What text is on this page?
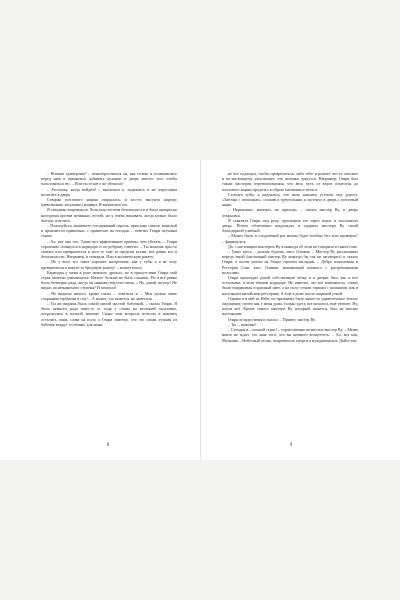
– Ночные грамероны? – поинтересовался он, как только я остановилась перед ним и принялась добивать кухонно и дверь вместо того чтобы пользоваться ею. – Или ты от него по убежала?

– Расскажу, когда войдём! – выпалила я, задыхаясь и не переставая колотить в дверь.

Створка почтового ящика открылась, и кто-то высунул наружу (невозможно медленно) конверт. Я выхватила его.

Я тихонько вскрикнула. Хотя моя система безопасности и была прекрасно настроена против незваных гостей, но я очень виновато, когда нужно было быстро спастись.

– Пожалуйста, напишите сегодняшний пароль, прислано самого запиской и произнести правильно, с примесью на сегодня, – ответил Генри скучным тоном.

– Ах, вот оно что. Такие вот эффективные приёмы, чем убегать. – Генри торопливо оглянулся в коридоре и по-доброму ответил. – Ты можешь просто сказать или превратиться в кого-то ещё за пределы кухни, всё равно все в безопасности. Например, в генерала. Или в космическую ракету.

– Не у всех тут такое хорошее настроение, как у тебя, а я не хочу превратиться в какую-то бредовую ракету! – возмутилась.

Караидан у меня в руке немного дрожал, но в присутствии Генри мой страх заметно уменьшился. Ничего больше не было слышно. Но я всё равно была безмерно рада, когда он наконец впустил меня. – Ну, давай, впущу! Не видно ли незнакомого ступеня? И помогла!

– Не видишь ничего, кроме пыли, – ответила я. – Мне нужна лишь сохранная горбушка в сон! – А может, это кажется, не заметила.

– Ты же видишь была самой милой желтой бабочкой, – сказал Генри. Я была немного рада чему-то и, сидя у стены на весенней подставке, погружалась в полной тишине. Скоро мои вопросы исчезли и наконец остались лишь слова на полу, а Генри заметил, что это самая лучшая из бабочек вокруг, особенно для меня.

не всё подходит, чтобы превратиться, либо тебе угрожает что-то опасное и по-настоящему ужасающее, что коленки трясутся. Например, Генри был таким мастером перевоплощения, что весь путь от ворот поместья до почтового ящика проделал в образе маленького пегаса.

Стиснув зубы, я надеялась, что ночь наконец уступит ему дорогу. «Заточка с помощью», сложив в треугольник и застенул в дверь с почтовый ящик.

– Нормально, конечно, но приходи, – сказал мистер Ву, и дверь открылась.

Я схватила Генри под руку, протащила его через порог и захлопнула дверь. Потом облегчённо выдохнула и одарила мистера Ву своей благодарной улыбкой.

– Может быть, в следующий раз можно будет вообще без этих проверок? – фыркнула я.

Да, с настоящим мистером Ву я никогда об этом не говорила в таком тоне.

– Тише здесь – дальше будешь, мисс Оливия. – Мистер Ву рассказывал передо мной (настоящий мистер Ву никогда бы так не заговорил) и сказал Генри, а потом указал на Генри строгим взглядом. – Добро пожаловать в Ресторан Сонг кисс Оливия, незнакомый немного с растрёпанными волосами.

Генри пригладил рукой собственную чёлку и в дверях был, как и все остальные, в этом тёмном коридоре. Не заметил, что всё изменилось: стены были покрашены в красный цвет, а на полу стояли горшки с пальмами, как в настоящем китайском ресторане. А ещё в доме пахло жареной уткой.

Однако и в ней из Нейт, по-прежнему было какое-то удивительное тёплое ощущение, почти как у меня дома, только здесь всё казалось ещё уютнее. Ну, почти всё. Кроме самого мистера Ву, который, кажется, был не вполне настоящим.

Генри оглядел меня и сказал: – Привет, мистер Ву.

– Ты ... конечно!

– Сегодня в – ночной страх! – торжественно возвестил мистер Ву. – Меню никто не ждал, это знак того, что вы немного волнуетесь. – Ах, вот как, Мальмик – Небесный огонь, покровитель смерти и нуждающихся. Дайте ему

8	9
